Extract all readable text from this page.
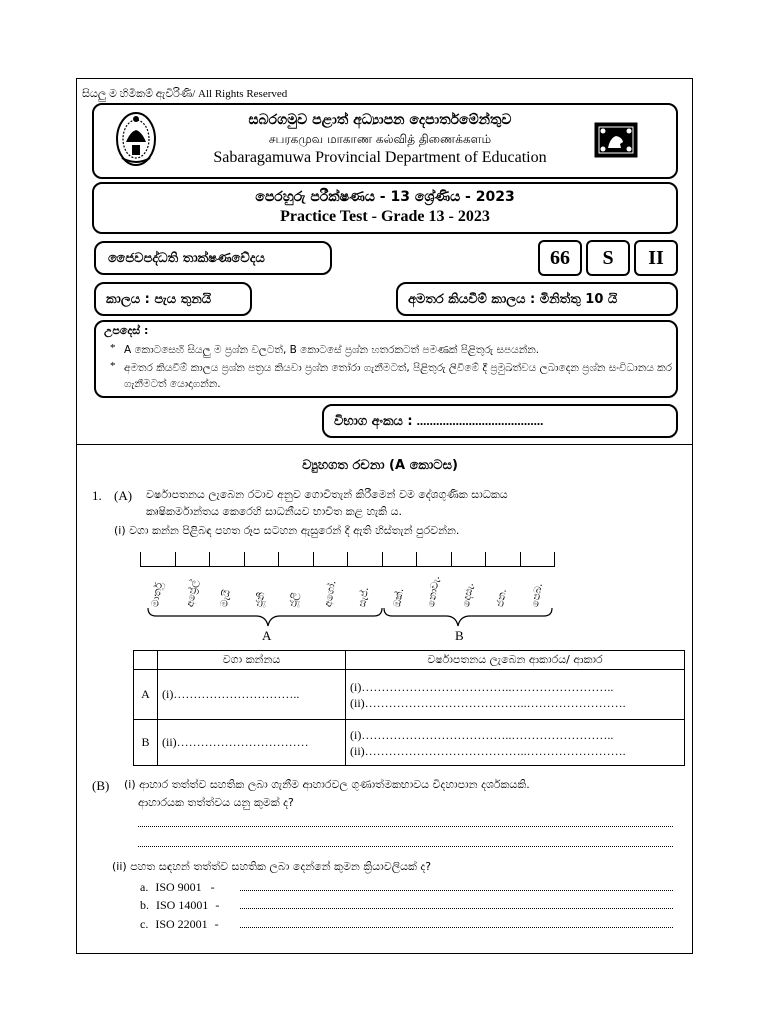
සියලු ම හිමිකම් ඇවිරිණි/ All Rights Reserved
සබරගමුව පළාත් අධ්‍යාපන දෙපාර්තමේන්තුව
சபரகமுவ மாகாண கல்வித் திணைக்களம்
Sabaragamuwa Provincial Department of Education
පෙරහුරු පරීක්ෂණය - 13 ශ්‍රේණිය - 2023
Practice Test - Grade 13 - 2023
ජෛවපද්ධති තාක්ෂණවේදය	66 S II
කාලය : පැය තුනයි	අමතර කියවීම් කාලය : මිනිත්තු 10 යි
උපදෙස් :
* A කොටසෙහි සියලු ම ප්‍රශ්න වලටත්, B කොටසේ ප්‍රශ්න හතරකටත් පමණක් පිළිතුරු සපයන්න.
* අමතර කියවීම් කාලය ප්‍රශ්න පත්‍රය කියවා ප්‍රශ්න තෝරා ගැනීමටත්, පිළිතුරු ලිවීමේ දී ප්‍රමුඛත්වය ලබාදෙන ප්‍රශ්න සංවිධානය කර ගැනීමටත් යොදාගන්න.
විභාග අංකය : .......................................
ව්‍යුහගත රචනා (A කොටස)
1. (A) වර්ෂාපතනය ලැබෙන රටාව අනුව ගොවිතැන් කිරීමෙන් වම දේශගුණික සාධකය
කෘෂිකර්මාන්තය කෙරෙහි සාධනීයව භාවිත කළ හැකි ය.
(i) වගා කන්න පිළිබඳ පහත රූප සටහන ඇසුරෙන් දී ඇති හිස්තැන් පුරවන්න.
මාර්තු අප්‍රේල් මැයි ජූනි ජූලි අගෝ. සැප්. ඔක්. නොවැ. දෙසැ. ජන. පෙබ.
A	B
	වගා කන්නය	වර්ෂාපතනය ලැබෙන ආකාරය/ ආකාර
A	(i)…………………………..	(i)………………………………..……………………..
(ii)…………………………………..…………………….

B	(ii)……………………………	(i)………………………………..……………………..
(ii)…………………………………..…………………….
(B) (i) ආහාර තත්ත්ව සහතික ලබා ගැනීම ආහාරවල ගුණාත්මකභාවය විදහාපාන දර්ශකයකි.
ආහාරයක තත්ත්වය යනු කුමක් ද?
(ii) පහත සඳහන් තත්ත්ව සහතික ලබා දෙන්නේ කුමන ක්‍රියාවලියක් ද?
a. ISO 9001 -
b. ISO 14001 -
c. ISO 22001 -
